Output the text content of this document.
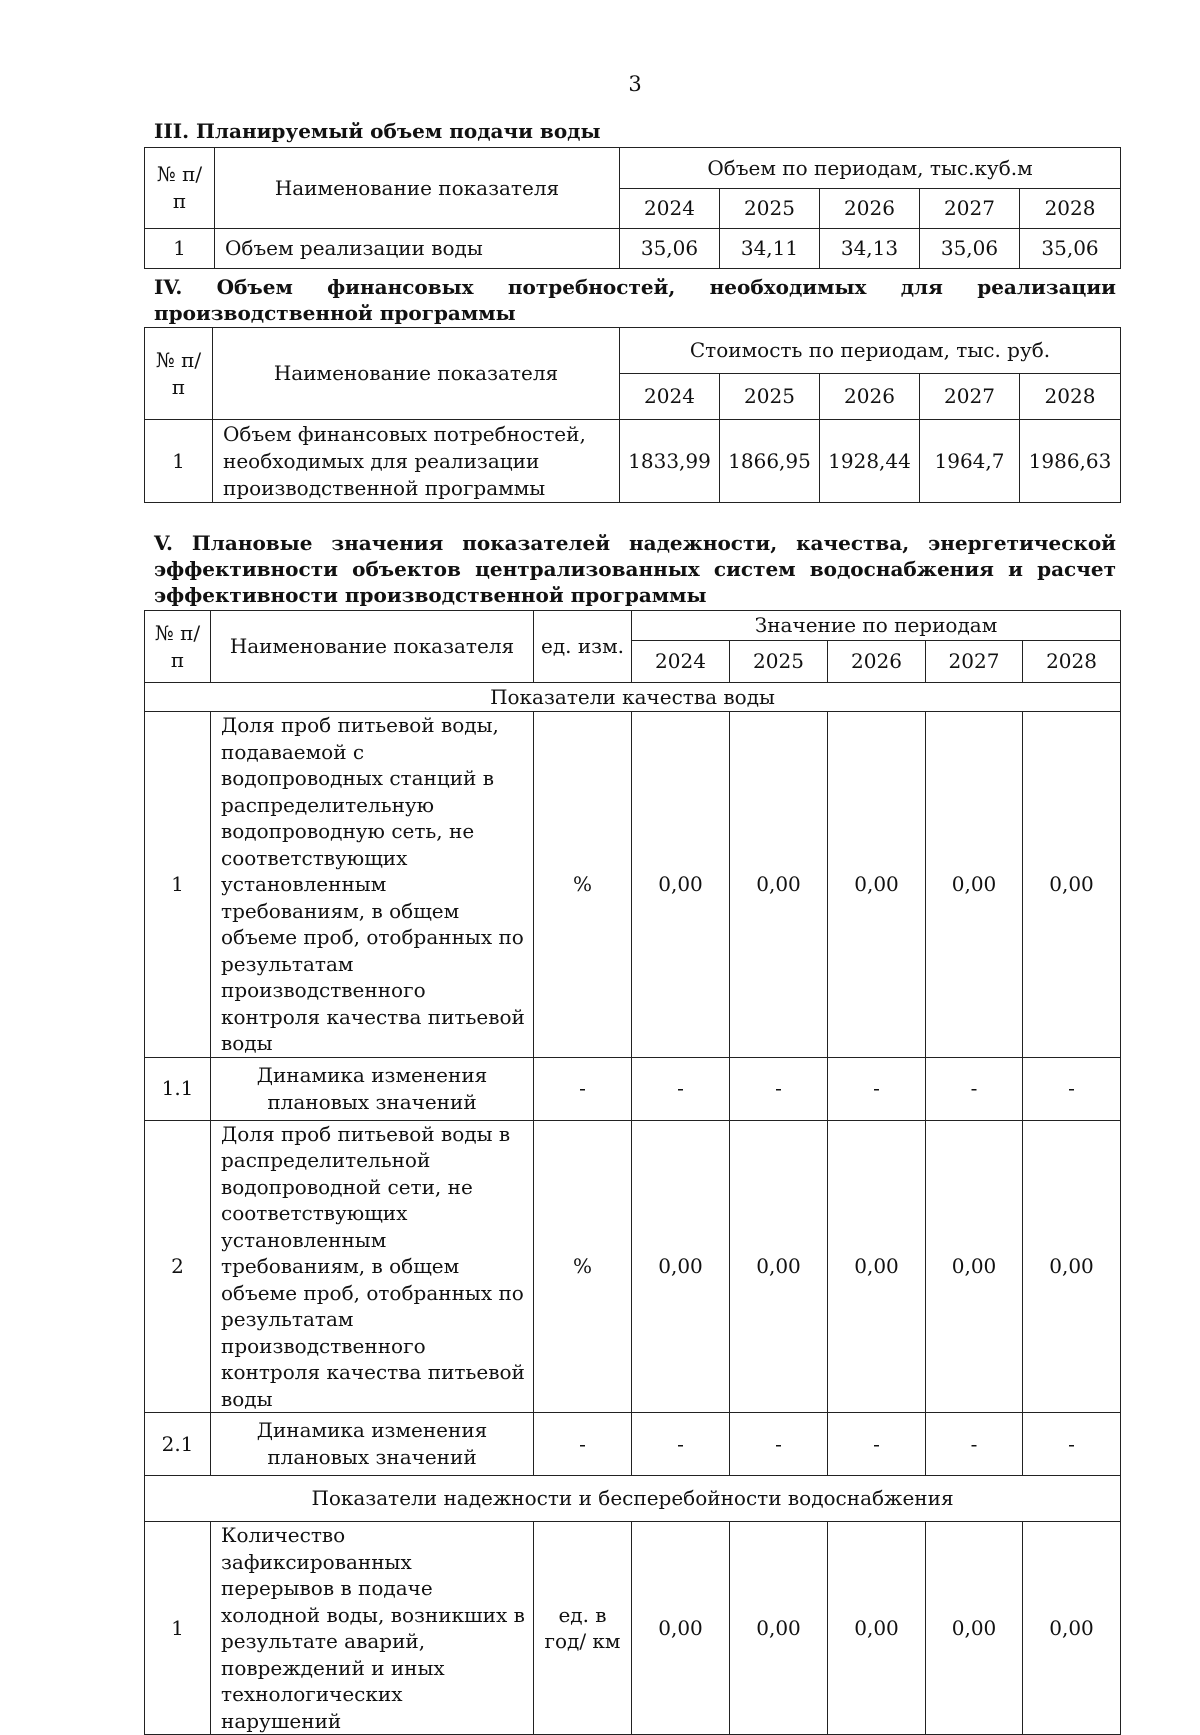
3
III. Планируемый объем подачи воды
№ п/п	Наименование показателя	Объем по периодам, тыс.куб.м				
		2024	2025	2026	2027	2028
1	Объем реализации воды	35,06	34,11	34,13	35,06	35,06
IV. Объем финансовых потребностей, необходимых для реализации производственной программы
№ п/п	Наименование показателя	Стоимость по периодам, тыс. руб.				
		2024	2025	2026	2027	2028
1	Объем финансовых потребностей, необходимых для реализации производственной программы	1833,99	1866,95	1928,44	1964,7	1986,63
V. Плановые значения показателей надежности, качества, энергетической эффективности объектов централизованных систем водоснабжения и расчет эффективности производственной программы
№ п/п	Наименование показателя	ед. изм.	Значение по периодам				
			2024	2025	2026	2027	2028
Показатели качества воды							
1	Доля проб питьевой воды, подаваемой с водопроводных станций в распределительную водопроводную сеть, не соответствующих установленным требованиям, в общем объеме проб, отобранных по результатам производственного контроля качества питьевой воды	%	0,00	0,00	0,00	0,00	0,00
1.1	Динамика изменения плановых значений	-	-	-	-	-	-
2	Доля проб питьевой воды в распределительной водопроводной сети, не соответствующих установленным требованиям, в общем объеме проб, отобранных по результатам производственного контроля качества питьевой воды	%	0,00	0,00	0,00	0,00	0,00
2.1	Динамика изменения плановых значений	-	-	-	-	-	-
Показатели надежности и бесперебойности водоснабжения							
1	Количество зафиксированных перерывов в подаче холодной воды, возникших в результате аварий, повреждений и иных технологических нарушений	ед. в год/ км	0,00	0,00	0,00	0,00	0,00
